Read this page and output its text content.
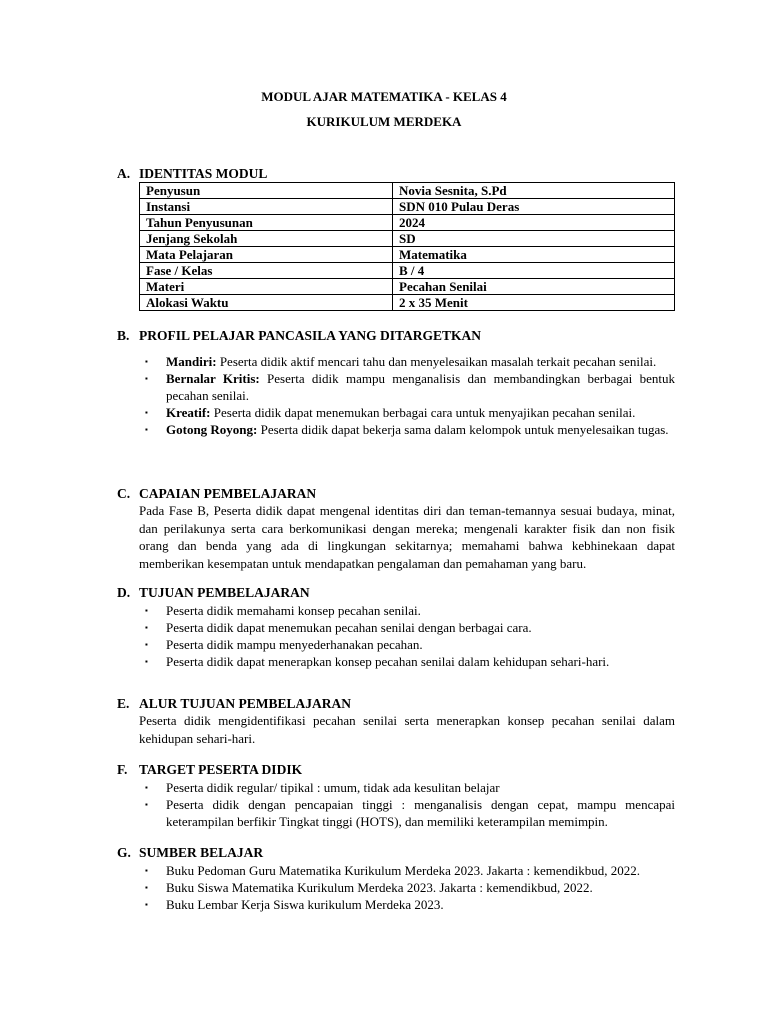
MODUL AJAR MATEMATIKA - KELAS 4
KURIKULUM MERDEKA
A. IDENTITAS MODUL
Penyusun	Novia Sesnita, S.Pd
Instansi	SDN 010 Pulau Deras
Tahun Penyusunan	2024
Jenjang Sekolah	SD
Mata Pelajaran	Matematika
Fase / Kelas	B / 4
Materi	Pecahan Senilai
Alokasi Waktu	2 x 35 Menit
B. PROFIL PELAJAR PANCASILA YANG DITARGETKAN
▪ Mandiri: Peserta didik aktif mencari tahu dan menyelesaikan masalah terkait pecahan senilai.
▪ Bernalar Kritis: Peserta didik mampu menganalisis dan membandingkan berbagai bentuk pecahan senilai.
▪ Kreatif: Peserta didik dapat menemukan berbagai cara untuk menyajikan pecahan senilai.
▪ Gotong Royong: Peserta didik dapat bekerja sama dalam kelompok untuk menyelesaikan tugas.
C. CAPAIAN PEMBELAJARAN
Pada Fase B, Peserta didik dapat mengenal identitas diri dan teman-temannya sesuai budaya, minat, dan perilakunya serta cara berkomunikasi dengan mereka; mengenali karakter fisik dan non fisik orang dan benda yang ada di lingkungan sekitarnya; memahami bahwa kebhinekaan dapat memberikan kesempatan untuk mendapatkan pengalaman dan pemahaman yang baru.
D. TUJUAN PEMBELAJARAN
▪ Peserta didik memahami konsep pecahan senilai.
▪ Peserta didik dapat menemukan pecahan senilai dengan berbagai cara.
▪ Peserta didik mampu menyederhanakan pecahan.
▪ Peserta didik dapat menerapkan konsep pecahan senilai dalam kehidupan sehari-hari.
E. ALUR TUJUAN PEMBELAJARAN
Peserta didik mengidentifikasi pecahan senilai serta menerapkan konsep pecahan senilai dalam kehidupan sehari-hari.
F. TARGET PESERTA DIDIK
▪ Peserta didik regular/ tipikal : umum, tidak ada kesulitan belajar
▪ Peserta didik dengan pencapaian tinggi : menganalisis dengan cepat, mampu mencapai keterampilan berfikir Tingkat tinggi (HOTS), dan memiliki keterampilan memimpin.
G. SUMBER BELAJAR
▪ Buku Pedoman Guru Matematika Kurikulum Merdeka 2023. Jakarta : kemendikbud, 2022.
▪ Buku Siswa Matematika Kurikulum Merdeka 2023. Jakarta : kemendikbud, 2022.
▪ Buku Lembar Kerja Siswa kurikulum Merdeka 2023.
